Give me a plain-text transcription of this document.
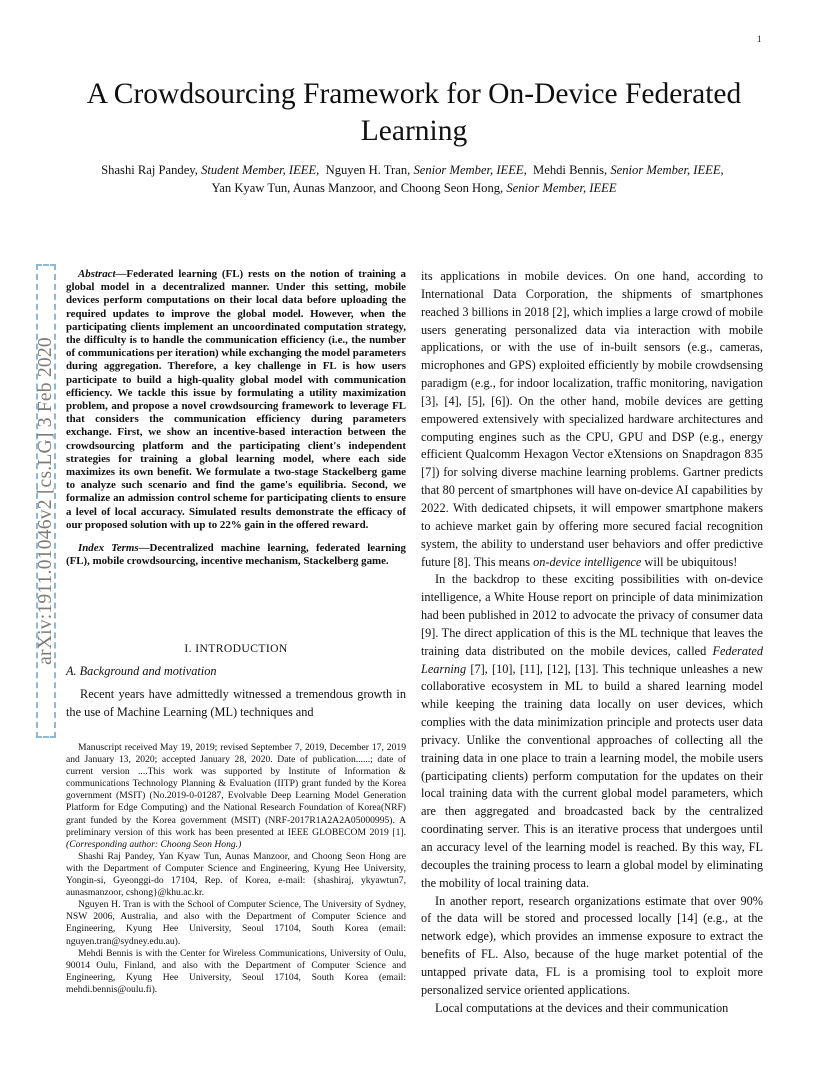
1
A Crowdsourcing Framework for On-Device Federated Learning
Shashi Raj Pandey, Student Member, IEEE, Nguyen H. Tran, Senior Member, IEEE, Mehdi Bennis, Senior Member, IEEE,  Yan Kyaw Tun, Aunas Manzoor, and Choong Seon Hong, Senior Member, IEEE
arXiv:1911.01046v2 [cs.LG] 3 Feb 2020

Abstract—Federated learning (FL) rests on the notion of training a global model in a decentralized manner. Under this setting, mobile devices perform computations on their local data before uploading the required updates to improve the global model. However, when the participating clients implement an uncoordinated computation strategy, the difficulty is to handle the communication efficiency (i.e., the number of communications per iteration) while exchanging the model parameters during aggregation. Therefore, a key challenge in FL is how users participate to build a high-quality global model with communication efficiency. We tackle this issue by formulating a utility maximization problem, and propose a novel crowdsourcing framework to leverage FL that considers the communication efficiency during parameters exchange. First, we show an incentive-based interaction between the crowdsourcing platform and the participating client's independent strategies for training a global learning model, where each side maximizes its own benefit. We formulate a two-stage Stackelberg game to analyze such scenario and find the game's equilibria. Second, we formalize an admission control scheme for participating clients to ensure a level of local accuracy. Simulated results demonstrate the efficacy of our proposed solution with up to 22% gain in the offered reward.

Index Terms—Decentralized machine learning, federated learning (FL), mobile crowdsourcing, incentive mechanism, Stackelberg game.

I. INTRODUCTION
A. Background and motivation

Recent years have admittedly witnessed a tremendous growth in the use of Machine Learning (ML) techniques and

Manuscript received May 19, 2019; revised September 7, 2019, December 17, 2019 and January 13, 2020; accepted January 28, 2020. Date of publication......; date of current version ....This work was supported by Institute of Information & communications Technology Planning & Evaluation (IITP) grant funded by the Korea government (MSIT) (No.2019-0-01287, Evolvable Deep Learning Model Generation Platform for Edge Computing) and the National Research Foundation of Korea(NRF) grant funded by the Korea government (MSIT) (NRF-2017R1A2A2A05000995). A preliminary version of this work has been presented at IEEE GLOBECOM 2019 [1]. (Corresponding author: Choong Seon Hong.)

Shashi Raj Pandey, Yan Kyaw Tun, Aunas Manzoor, and Choong Seon Hong are with the Department of Computer Science and Engineering, Kyung Hee University, Yongin-si, Gyeonggi-do 17104, Rep. of Korea, e-mail: {shashiraj, ykyawtun7, aunasmanzoor, cshong}@khu.ac.kr.

Nguyen H. Tran is with the School of Computer Science, The University of Sydney, NSW 2006, Australia, and also with the Department of Computer Science and Engineering, Kyung Hee University, Seoul 17104, South Korea (email: nguyen.tran@sydney.edu.au).

Mehdi Bennis is with the Center for Wireless Communications, University of Oulu, 90014 Oulu, Finland, and also with the Department of Computer Science and Engineering, Kyung Hee University, Seoul 17104, South Korea (email: mehdi.bennis@oulu.fi).

its applications in mobile devices. On one hand, according to International Data Corporation, the shipments of smartphones reached 3 billions in 2018 [2], which implies a large crowd of mobile users generating personalized data via interaction with mobile applications, or with the use of in-built sensors (e.g., cameras, microphones and GPS) exploited efficiently by mobile crowdsensing paradigm (e.g., for indoor localization, traffic monitoring, navigation [3], [4], [5], [6]). On the other hand, mobile devices are getting empowered extensively with specialized hardware architectures and computing engines such as the CPU, GPU and DSP (e.g., energy efficient Qualcomm Hexagon Vector eXtensions on Snapdragon 835 [7]) for solving diverse machine learning problems. Gartner predicts that 80 percent of smartphones will have on-device AI capabilities by 2022. With dedicated chipsets, it will empower smartphone makers to achieve market gain by offering more secured facial recognition system, the ability to understand user behaviors and offer predictive future [8]. This means on-device intelligence will be ubiquitous!

In the backdrop to these exciting possibilities with on-device intelligence, a White House report on principle of data minimization had been published in 2012 to advocate the privacy of consumer data [9]. The direct application of this is the ML technique that leaves the training data distributed on the mobile devices, called Federated Learning [7], [10], [11], [12], [13]. This technique unleashes a new collaborative ecosystem in ML to build a shared learning model while keeping the training data locally on user devices, which complies with the data minimization principle and protects user data privacy. Unlike the conventional approaches of collecting all the training data in one place to train a learning model, the mobile users (participating clients) perform computation for the updates on their local training data with the current global model parameters, which are then aggregated and broadcasted back by the centralized coordinating server. This is an iterative process that undergoes until an accuracy level of the learning model is reached. By this way, FL decouples the training process to learn a global model by eliminating the mobility of local training data.

In another report, research organizations estimate that over 90% of the data will be stored and processed locally [14] (e.g., at the network edge), which provides an immense exposure to extract the benefits of FL. Also, because of the huge market potential of the untapped private data, FL is a promising tool to exploit more personalized service oriented applications.

Local computations at the devices and their communication
